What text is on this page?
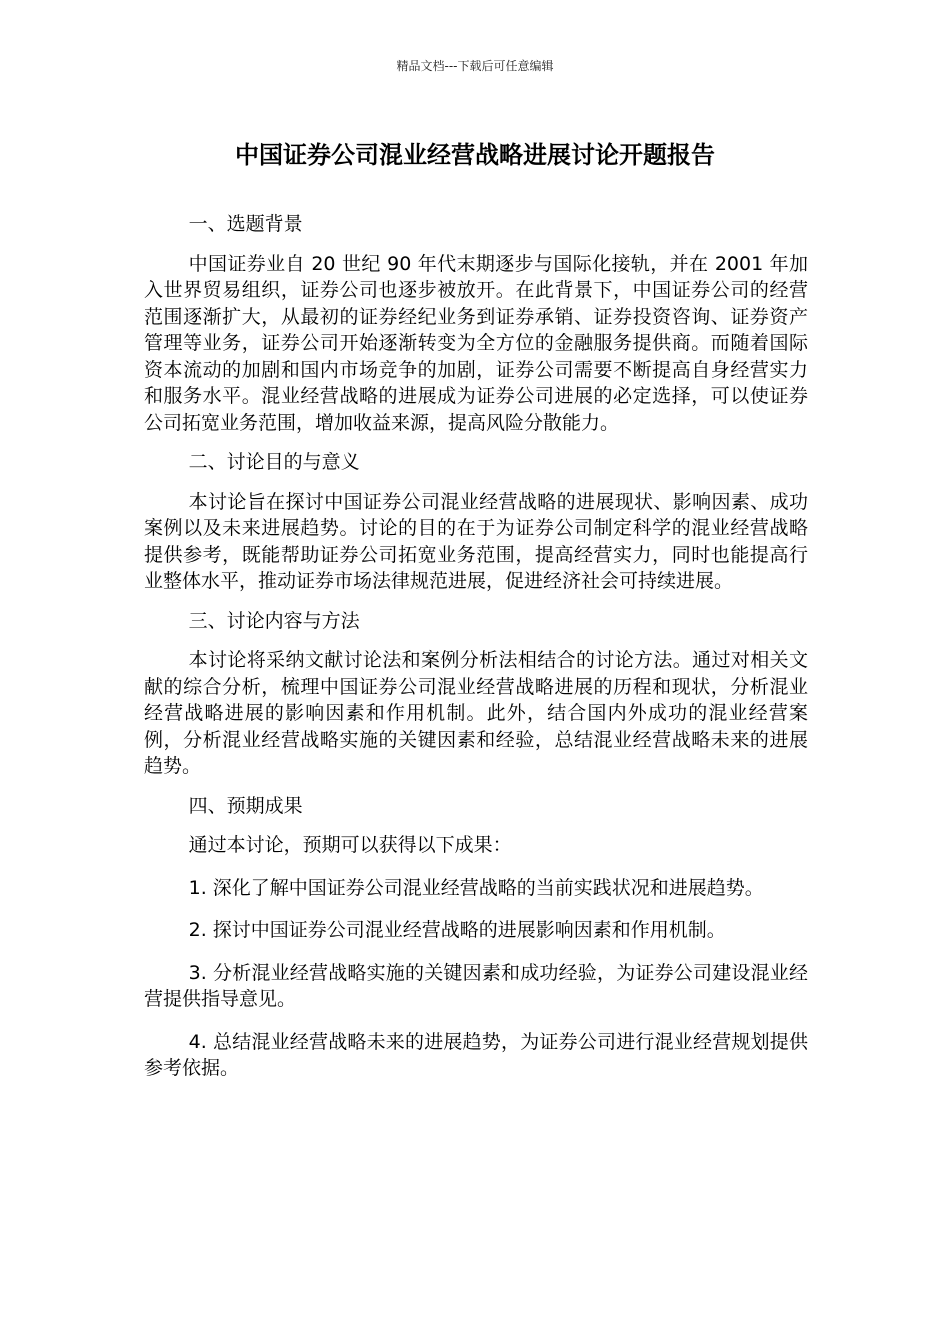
精品文档---下载后可任意编辑
中国证券公司混业经营战略进展讨论开题报告

一、选题背景

中国证券业自 20 世纪 90 年代末期逐步与国际化接轨，并在 2001 年加入世界贸易组织，证券公司也逐步被放开。在此背景下，中国证券公司的经营范围逐渐扩大，从最初的证券经纪业务到证券承销、证券投资咨询、证券资产管理等业务，证券公司开始逐渐转变为全方位的金融服务提供商。而随着国际资本流动的加剧和国内市场竞争的加剧，证券公司需要不断提高自身经营实力和服务水平。混业经营战略的进展成为证券公司进展的必定选择，可以使证券公司拓宽业务范围，增加收益来源，提高风险分散能力。

二、讨论目的与意义

本讨论旨在探讨中国证券公司混业经营战略的进展现状、影响因素、成功案例以及未来进展趋势。讨论的目的在于为证券公司制定科学的混业经营战略提供参考，既能帮助证券公司拓宽业务范围，提高经营实力，同时也能提高行业整体水平，推动证券市场法律规范进展，促进经济社会可持续进展。

三、讨论内容与方法

本讨论将采纳文献讨论法和案例分析法相结合的讨论方法。通过对相关文献的综合分析，梳理中国证券公司混业经营战略进展的历程和现状，分析混业经营战略进展的影响因素和作用机制。此外，结合国内外成功的混业经营案例，分析混业经营战略实施的关键因素和经验，总结混业经营战略未来的进展趋势。

四、预期成果

通过本讨论，预期可以获得以下成果：

1. 深化了解中国证券公司混业经营战略的当前实践状况和进展趋势。

2. 探讨中国证券公司混业经营战略的进展影响因素和作用机制。

3. 分析混业经营战略实施的关键因素和成功经验，为证券公司建设混业经营提供指导意见。

4. 总结混业经营战略未来的进展趋势，为证券公司进行混业经营规划提供参考依据。
